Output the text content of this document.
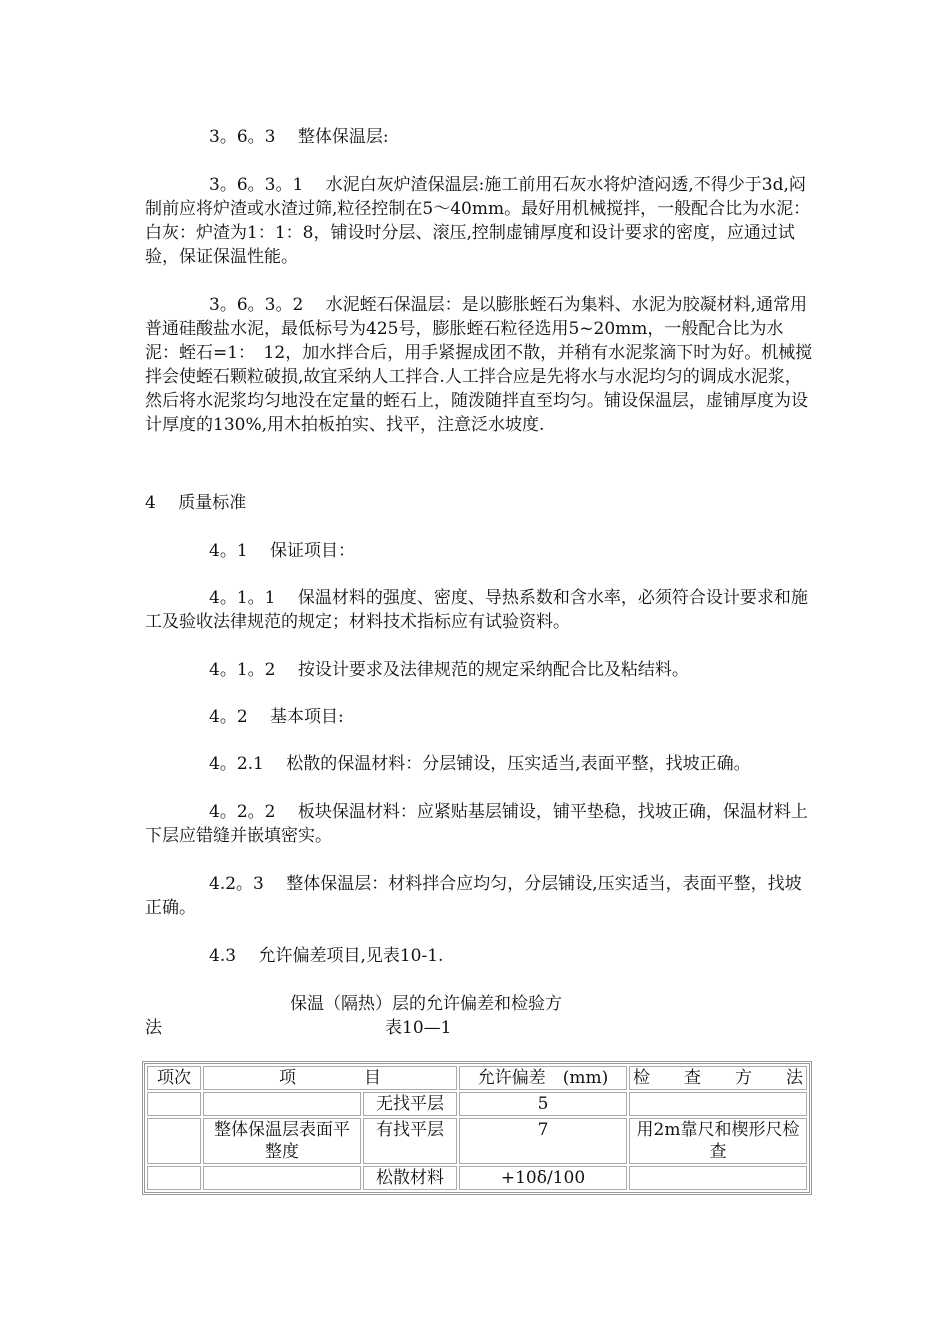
3。6。3　 整体保温层:
3。6。3。1　 水泥白灰炉渣保温层:施工前用石灰水将炉渣闷透,不得少于3d,闷制前应将炉渣或水渣过筛,粒径控制在5～40mm。最好用机械搅拌，一般配合比为水泥：白灰：炉渣为1：1：8，铺设时分层、滚压,控制虚铺厚度和设计要求的密度，应通过试验，保证保温性能。
3。6。3。2　 水泥蛭石保温层：是以膨胀蛭石为集料、水泥为胶凝材料,通常用普通硅酸盐水泥，最低标号为425号，膨胀蛭石粒径选用5~20mm，一般配合比为水泥：蛭石=1：　12，加水拌合后，用手紧握成团不散，并稍有水泥浆滴下时为好。机械搅拌会使蛭石颗粒破损,故宜采纳人工拌合.人工拌合应是先将水与水泥均匀的调成水泥浆，然后将水泥浆均匀地没在定量的蛭石上，随泼随拌直至均匀。铺设保温层，虚铺厚度为设计厚度的130%,用木拍板拍实、找平，注意泛水坡度.
4　 质量标准
4。1　 保证项目：
4。1。1　 保温材料的强度、密度、导热系数和含水率，必须符合设计要求和施工及验收法律规范的规定；材料技术指标应有试验资料。
4。1。2　 按设计要求及法律规范的规定采纳配合比及粘结料。
4。2　 基本项目:
4。2.1　 松散的保温材料：分层铺设，压实适当,表面平整，找坡正确。
4。2。2　 板块保温材料：应紧贴基层铺设，铺平垫稳，找坡正确，保温材料上下层应错缝并嵌填密实。
4.2。3　 整体保温层：材料拌合应均匀，分层铺设,压实适当，表面平整，找坡正确。
4.3　 允许偏差项目,见表10-1.
保温（隔热）层的允许偏差和检验方
法	表10—1
项次	项　　　　目		允许偏差　(mm)	检　　查　　方　　法
		无找平层	5	
	整体保温层表面平整度	有找平层	7	用2m靠尺和楔形尺检查
		松散材料	+10δ/100	
